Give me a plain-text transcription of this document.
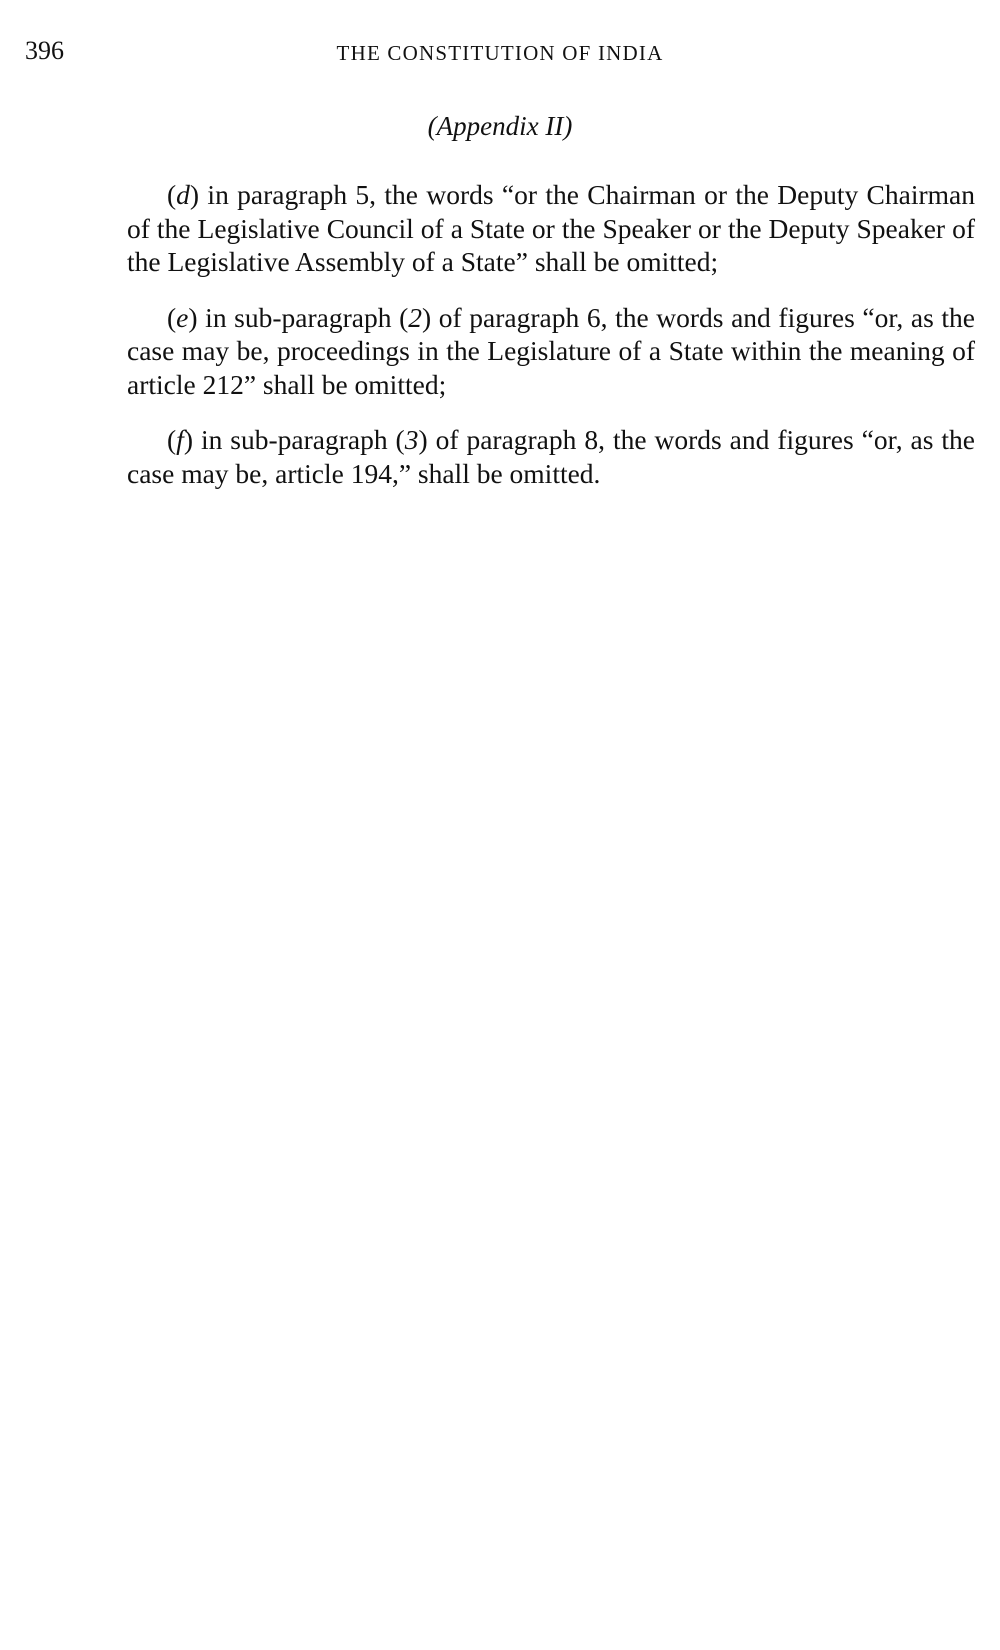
396	THE CONSTITUTION OF INDIA
(Appendix II)

(d) in paragraph 5, the words “or the Chairman or the Deputy Chairman of the Legislative Council of a State or the Speaker or the Deputy Speaker of the Legislative Assembly of a State” shall be omitted;

(e) in sub-paragraph (2) of paragraph 6, the words and figures “or, as the case may be, proceedings in the Legislature of a State within the meaning of article 212” shall be omitted;

(f) in sub-paragraph (3) of paragraph 8, the words and figures “or, as the case may be, article 194,” shall be omitted.
